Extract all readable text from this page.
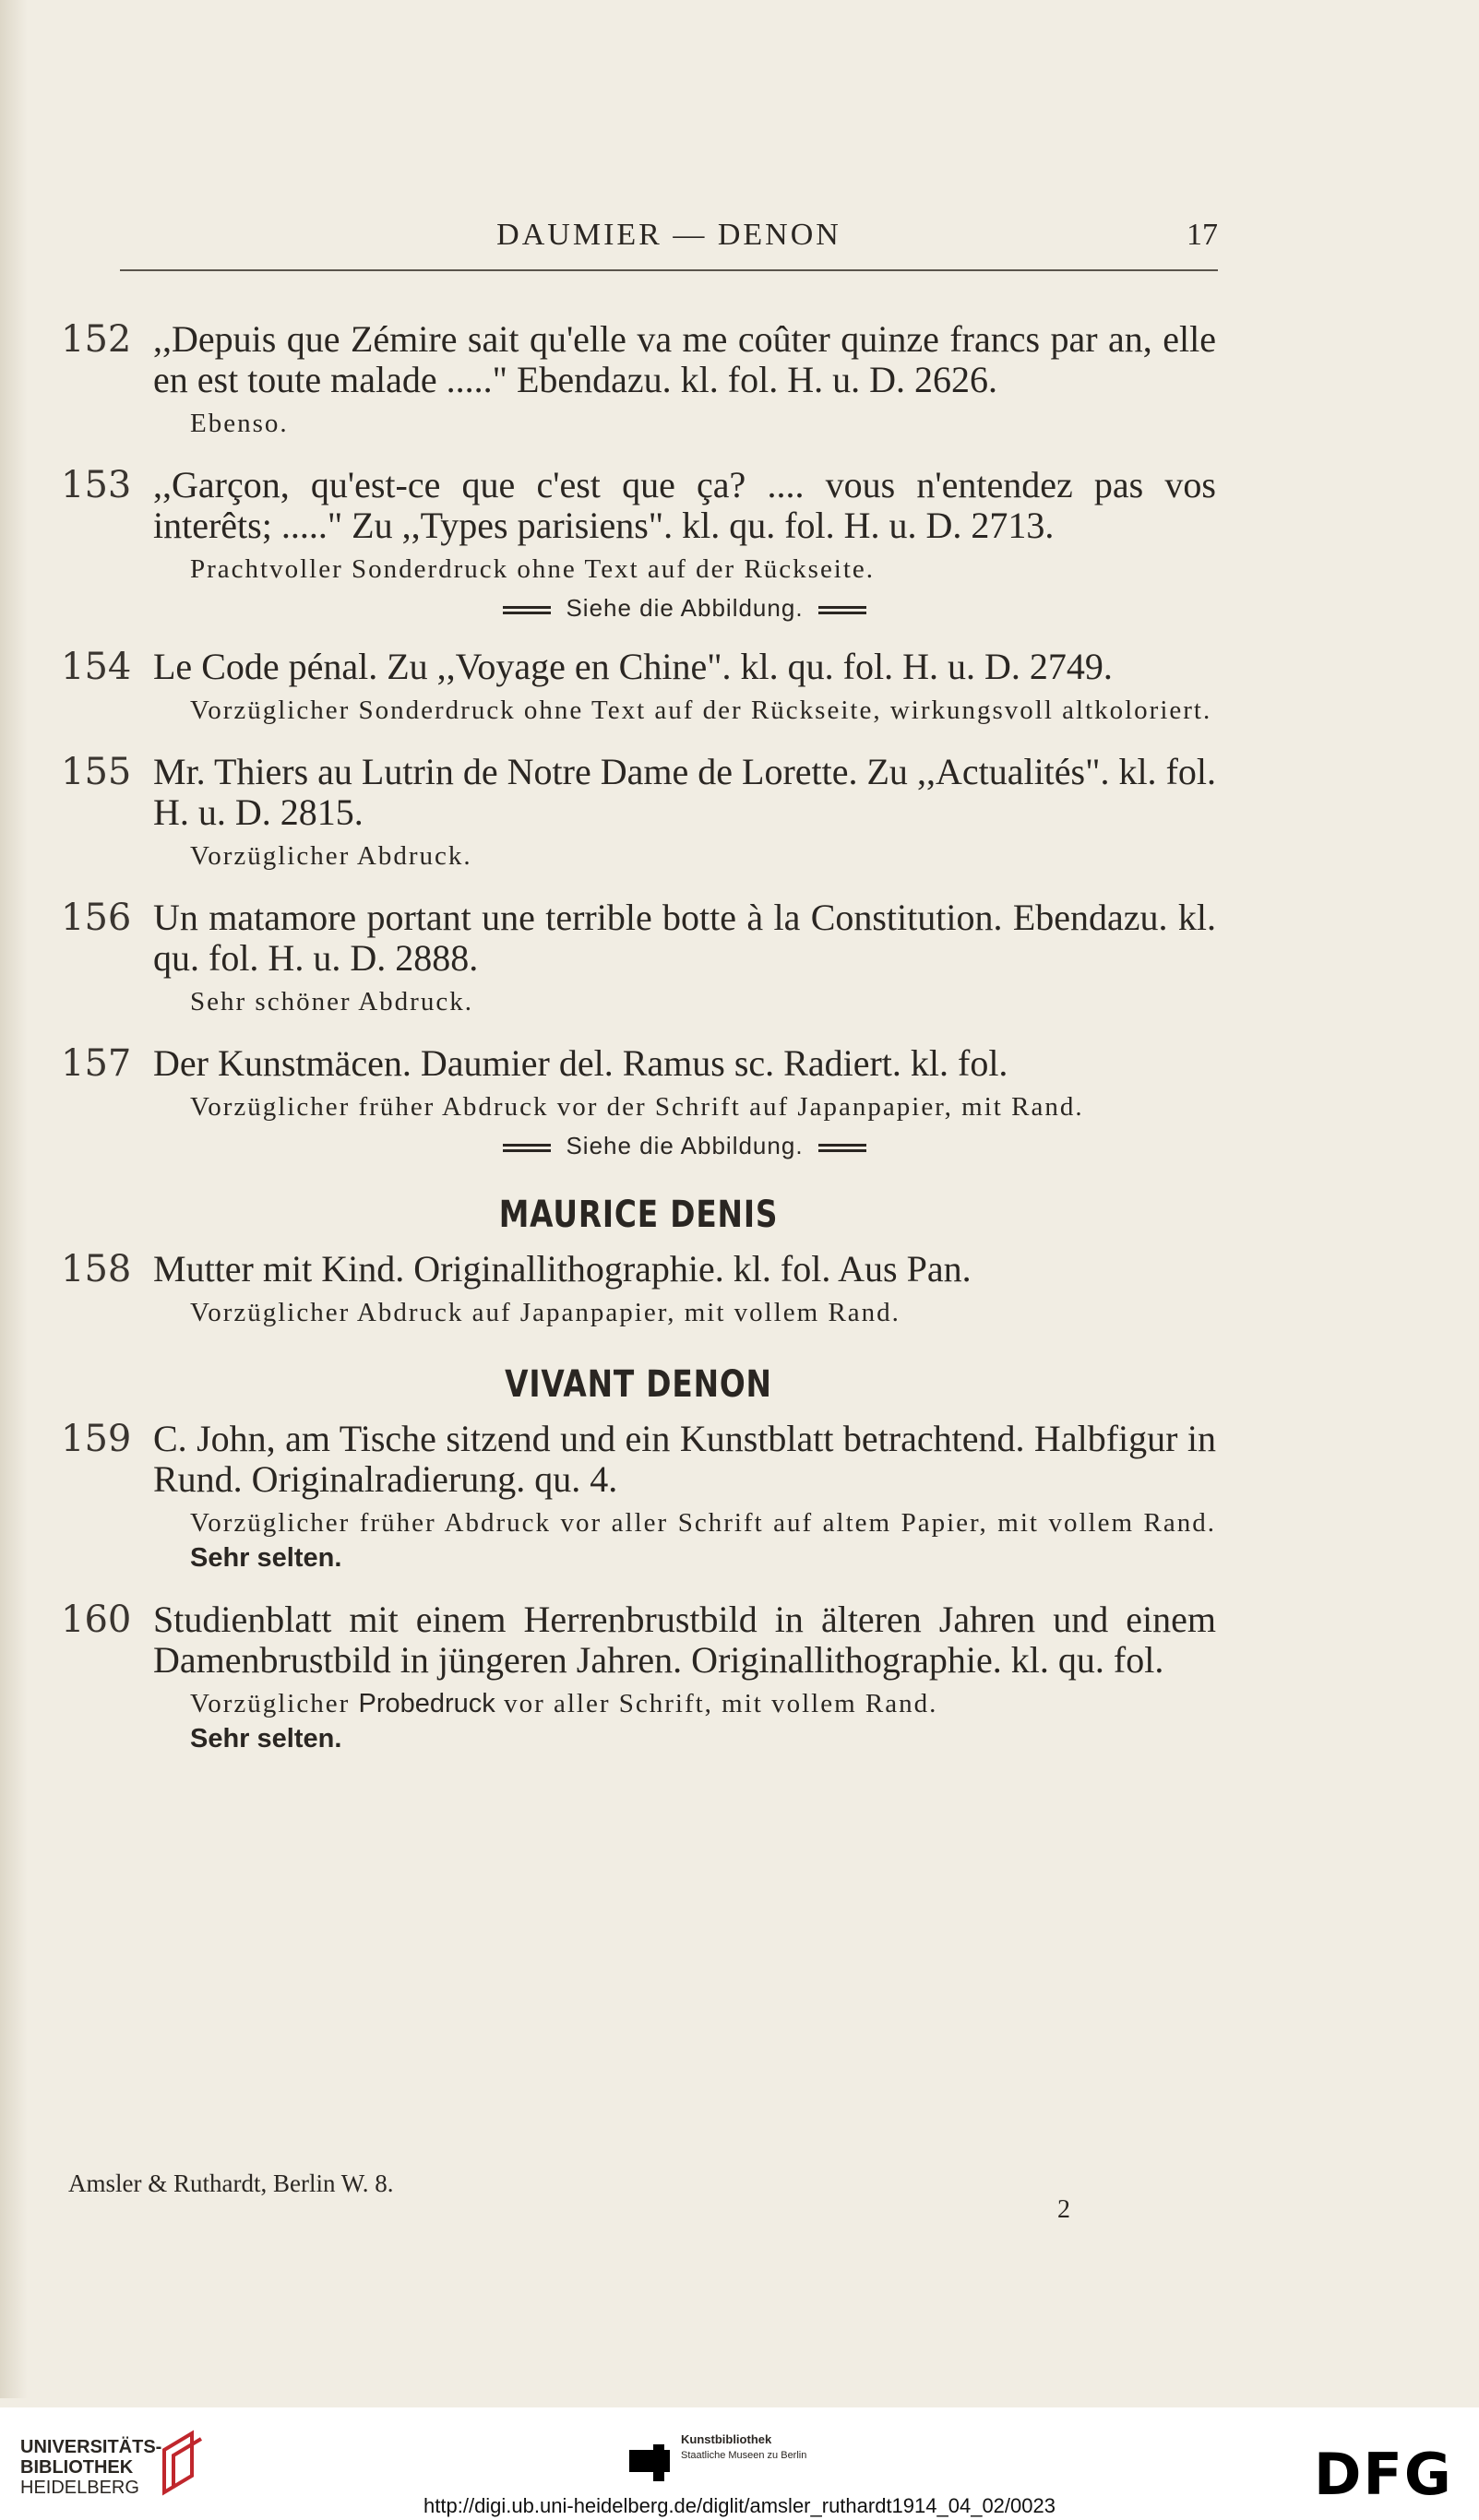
DAUMIER — DENON	17
152 ,,Depuis que Zémire sait qu'elle va me coûter quinze francs par an, elle en est toute malade ....." Ebendazu. kl. fol. H. u. D. 2626.

Ebenso.

153 ,,Garçon, qu'est-ce que c'est que ça? .... vous n'entendez pas vos interêts; ....." Zu ,,Types parisiens". kl. qu. fol. H. u. D. 2713.

Prachtvoller Sonderdruck ohne Text auf der Rückseite.

Siehe die Abbildung.
154 Le Code pénal. Zu ,,Voyage en Chine". kl. qu. fol. H. u. D. 2749.

Vorzüglicher Sonderdruck ohne Text auf der Rückseite, wirkungsvoll altkoloriert.

155 Mr. Thiers au Lutrin de Notre Dame de Lorette. Zu ,,Actualités". kl. fol. H. u. D. 2815.

Vorzüglicher Abdruck.

156 Un matamore portant une terrible botte à la Constitution. Ebendazu. kl. qu. fol. H. u. D. 2888.

Sehr schöner Abdruck.

157 Der Kunstmäcen. Daumier del. Ramus sc. Radiert. kl. fol.

Vorzüglicher früher Abdruck vor der Schrift auf Japanpapier, mit Rand.

Siehe die Abbildung.
MAURICE DENIS
158 Mutter mit Kind. Originallithographie. kl. fol. Aus Pan.

Vorzüglicher Abdruck auf Japanpapier, mit vollem Rand.

VIVANT DENON
159 C. John, am Tische sitzend und ein Kunstblatt betrachtend. Halbfigur in Rund. Originalradierung. qu. 4.

Vorzüglicher früher Abdruck vor aller Schrift auf altem Papier, mit vollem Rand. Sehr selten.

160 Studienblatt mit einem Herrenbrustbild in älteren Jahren und einem Damenbrustbild in jüngeren Jahren. Originallithographie. kl. qu. fol.

Vorzüglicher Probedruck vor aller Schrift, mit vollem Rand.
Sehr selten.

Amsler & Ruthardt, Berlin W. 8.
2
UNIVERSITÄTS-
BIBLIOTHEK
HEIDELBERG
Kunstbibliothek
Staatliche Museen zu Berlin	DFG
http://digi.ub.uni-heidelberg.de/diglit/amsler_ruthardt1914_04_02/0023
